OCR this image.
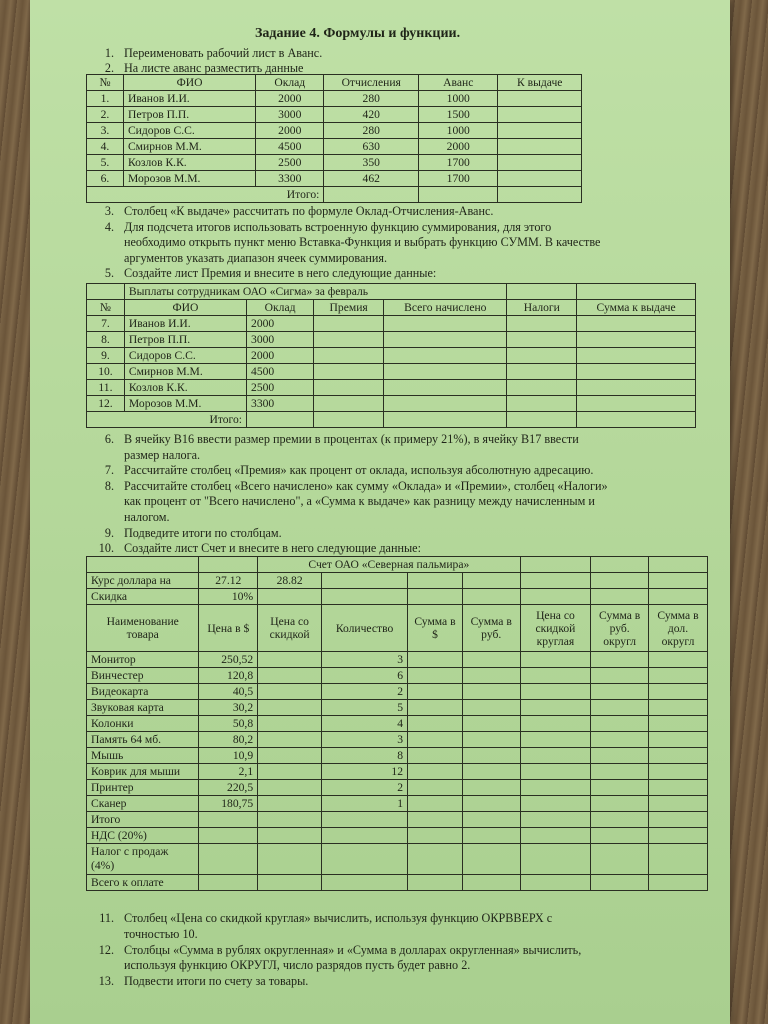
Задание 4. Формулы и функции.
1. Переименовать рабочий лист в Аванс.
2. На листе аванс разместить данные
№	ФИО	Оклад	Отчисления	Аванс	К выдаче
1.	Иванов И.И.	2000	280	1000	
2.	Петров П.П.	3000	420	1500	
3.	Сидоров С.С.	2000	280	1000	
4.	Смирнов М.М.	4500	630	2000	
5.	Козлов К.К.	2500	350	1700	
6.	Морозов М.М.	3300	462	1700	
Итого:					
3. Столбец «К выдаче» рассчитать по формуле Оклад-Отчисления-Аванс.
4. Для подсчета итогов использовать встроенную функцию суммирования, для этого
необходимо открыть пункт меню Вставка-Функция и выбрать функцию СУММ. В качестве
аргументов указать диапазон ячеек суммирования.
5. Создайте лист Премия и внесите в него следующие данные:
	Выплаты сотрудникам ОАО «Сигма» за февраль					
№	ФИО	Оклад	Премия	Всего начислено	Налоги	Сумма к выдаче
7.	Иванов И.И.	2000				
8.	Петров П.П.	3000				
9.	Сидоров С.С.	2000				
10.	Смирнов М.М.	4500				
11.	Козлов К.К.	2500				
12.	Морозов М.М.	3300				
Итого:						
6. В ячейку B16 ввести размер премии в процентах (к примеру 21%), в ячейку B17 ввести
размер налога.
7. Рассчитайте столбец «Премия» как процент от оклада, используя абсолютную адресацию.
8. Рассчитайте столбец «Всего начислено» как сумму «Оклада» и «Премии», столбец «Налоги»
как процент от "Всего начислено", а «Сумма к выдаче» как разницу между начисленным и
налогом.
9. Подведите итоги по столбцам.
10. Создайте лист Счет и внесите в него следующие данные:
		Счет ОАО «Северная пальмира»						
Курс доллара на	27.12	28.82						
Скидка	10%							
Наименование товара	Цена в $	Цена со скидкой	Количество	Сумма в $	Сумма в руб.	Цена со скидкой круглая	Сумма в руб. округл	Сумма в дол. округл
Монитор	250,52		3					
Винчестер	120,8		6					
Видеокарта	40,5		2					
Звуковая карта	30,2		5					
Колонки	50,8		4					
Память 64 мб.	80,2		3					
Мышь	10,9		8					
Коврик для мыши	2,1		12					
Принтер	220,5		2					
Сканер	180,75		1					
Итого								
НДС (20%)								
Налог с продаж (4%)								
Всего к оплате								
11. Столбец «Цена со скидкой круглая» вычислить, используя функцию ОКРВВЕРХ с
точностью 10.
12. Столбцы «Сумма в рублях округленная» и «Сумма в долларах округленная» вычислить,
используя функцию ОКРУГЛ, число разрядов пусть будет равно 2.
13. Подвести итоги по счету за товары.
